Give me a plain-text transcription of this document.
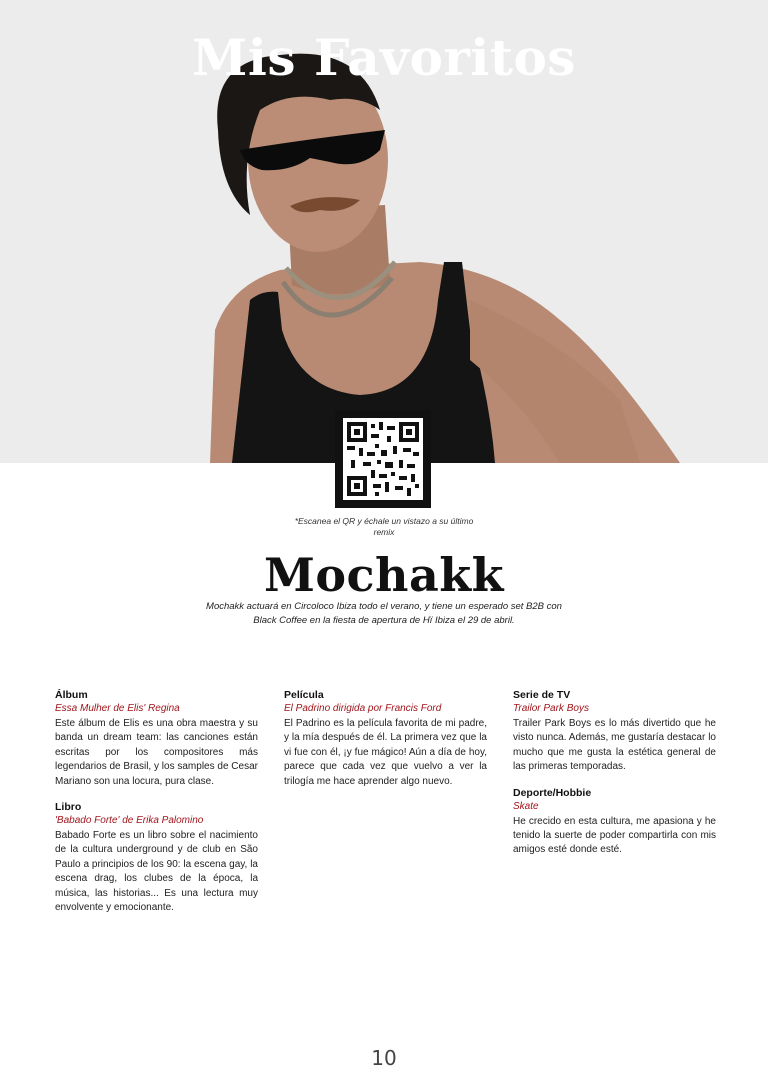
Mis Favoritos
*Escanea el QR y échale un vistazo a su último remix
Mochakk
Mochakk actuará en Circoloco Ibiza todo el verano, y tiene un esperado set B2B con Black Coffee en la fiesta de apertura de Hï Ibiza el 29 de abril.

Álbum

Essa Mulher de Elis' Regina

Este álbum de Elis es una obra maestra y su banda un dream team: las canciones están escritas por los compositores más legendarios de Brasil, y los samples de Cesar Mariano son una locura, pura clase.

Libro

'Babado Forte' de Erika Palomino

Babado Forte es un libro sobre el nacimiento de la cultura underground y de club en São Paulo a principios de los 90: la escena gay, la escena drag, los clubes de la época, la música, las historias... Es una lectura muy envolvente y emocionante.

Película

El Padrino dirigida por Francis Ford

El Padrino es la película favorita de mi padre, y la mía después de él. La primera vez que la vi fue con él, ¡y fue mágico! Aún a día de hoy, parece que cada vez que vuelvo a ver la trilogía me hace aprender algo nuevo.

Serie de TV

Trailor Park Boys

Trailer Park Boys es lo más divertido que he visto nunca. Además, me gustaría destacar lo mucho que me gusta la estética general de las primeras temporadas.

Deporte/Hobbie

Skate

He crecido en esta cultura, me apasiona y he tenido la suerte de poder compartirla con mis amigos esté donde esté.

10
